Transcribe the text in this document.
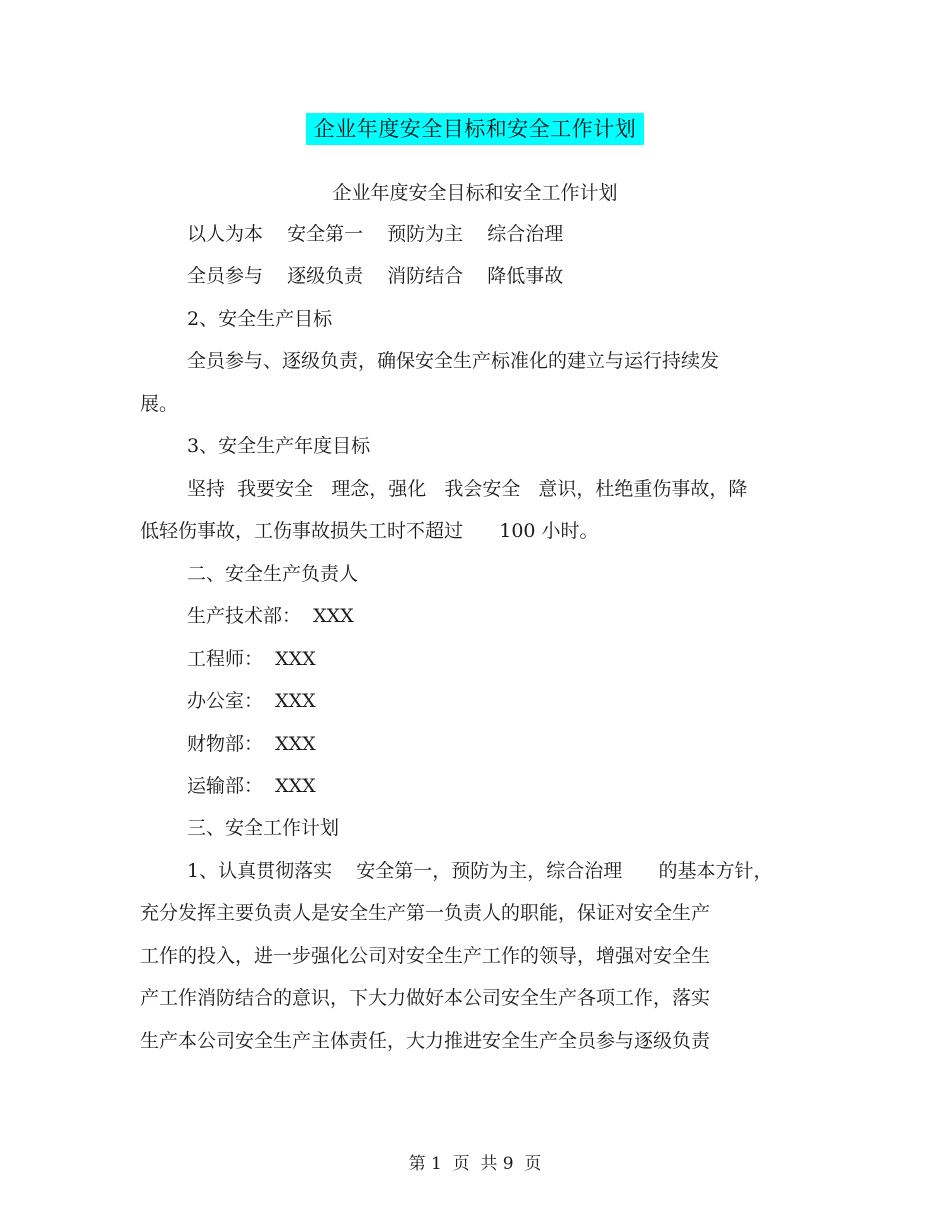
企业年度安全目标和安全工作计划
企业年度安全目标和安全工作计划
以人为本 安全第一 预防为主 综合治理
全员参与 逐级负责 消防结合 降低事故
2、安全生产目标
全员参与、逐级负责，确保安全生产标准化的建立与运行持续发
展。
3、安全生产年度目标
坚持  我要安全   理念，强化   我会安全   意识，杜绝重伤事故，降
低轻伤事故，工伤事故损失工时不超过      100 小时。
二、安全生产负责人
生产技术部：  XXX
工程师：  XXX
办公室：  XXX
财物部：  XXX
运输部：  XXX
三、安全工作计划
1、认真贯彻落实    安全第一，预防为主，综合治理      的基本方针，
充分发挥主要负责人是安全生产第一负责人的职能，保证对安全生产
工作的投入，进一步强化公司对安全生产工作的领导，增强对安全生
产工作消防结合的意识，下大力做好本公司安全生产各项工作，落实
生产本公司安全生产主体责任，大力推进安全生产全员参与逐级负责
第 1  页  共 9  页
